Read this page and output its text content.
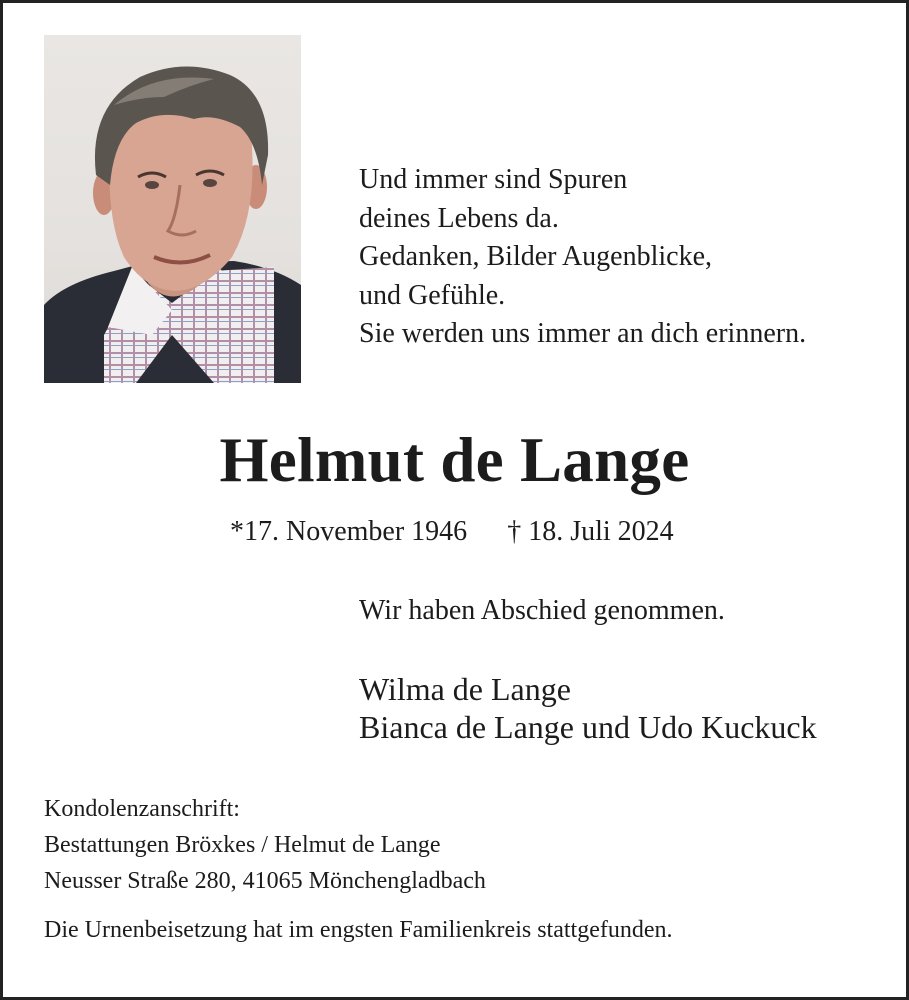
Und immer sind Spuren
deines Lebens da.
Gedanken, Bilder Augenblicke,
und Gefühle.
Sie werden uns immer an dich erinnern.
Helmut de Lange
*17. November 1946 † 18. Juli 2024
Wir haben Abschied genommen.
Wilma de Lange
Bianca de Lange und Udo Kuckuck
Kondolenzanschrift:
Bestattungen Bröxkes / Helmut de Lange
Neusser Straße 280, 41065 Mönchengladbach
Die Urnenbeisetzung hat im engsten Familienkreis stattgefunden.
